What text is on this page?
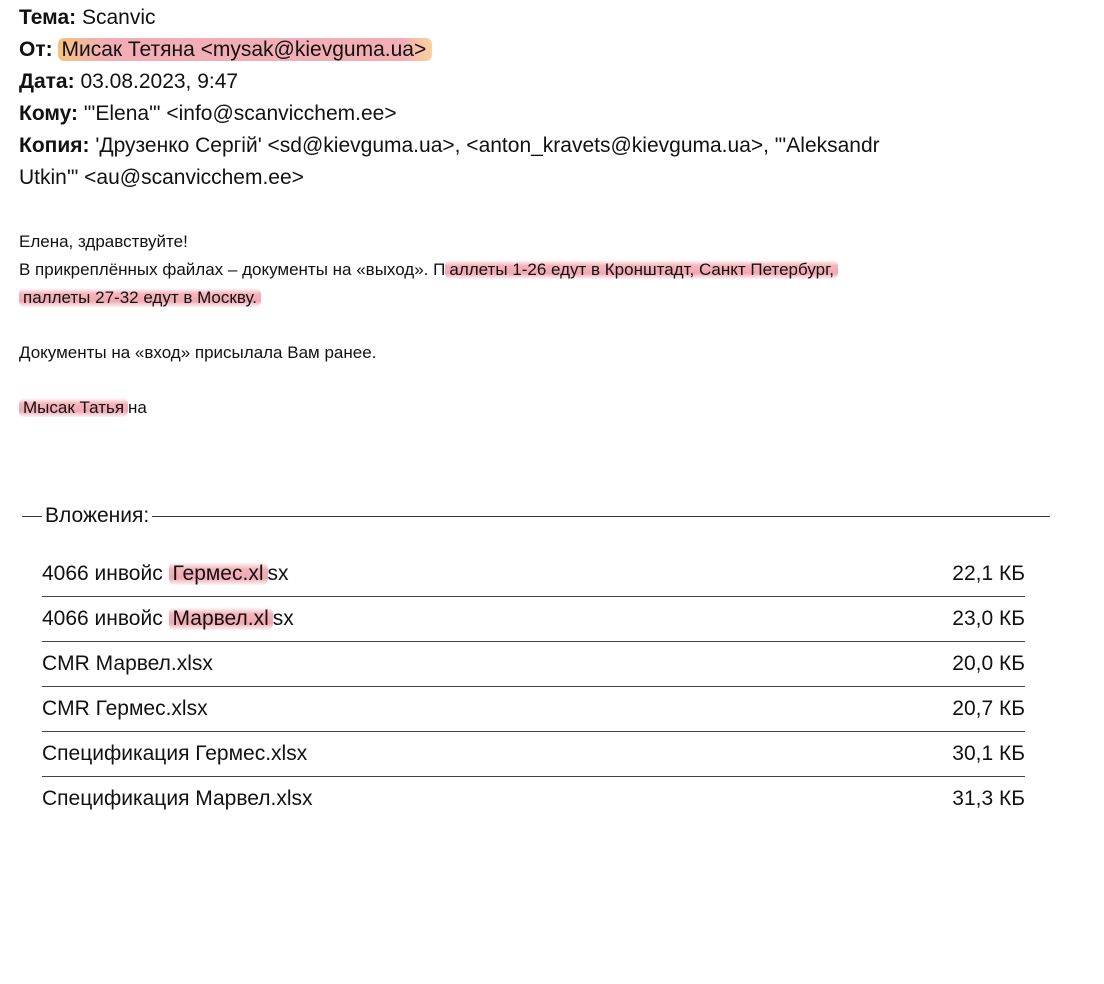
Тема: Scanvic
От: Мисак Тетяна <mysak@kievguma.ua>
Дата: 03.08.2023, 9:47
Кому: "'Elena'" <info@scanvicchem.ee>
Копия: 'Друзенко Сергій' <sd@kievguma.ua>, <anton_kravets@kievguma.ua>, "'Aleksandr
Utkin'" <au@scanvicchem.ee>

Елена, здравствуйте!

В прикреплённых файлах – документы на «выход». П аллеты 1-26 едут в Кронштадт, Санкт Петербург,

паллеты 27-32 едут в Москву.

Документы на «вход» присылала Вам ранее.

Мысак Татья на

Вложения:
4066 инвойс Гермес.xl sx	22,1 КБ
4066 инвойс Марвел.xl sx	23,0 КБ
CMR Марвел.xlsx	20,0 КБ
CMR Гермес.xlsx	20,7 КБ
Спецификация Гермес.xlsx	30,1 КБ
Спецификация Марвел.xlsx	31,3 КБ
